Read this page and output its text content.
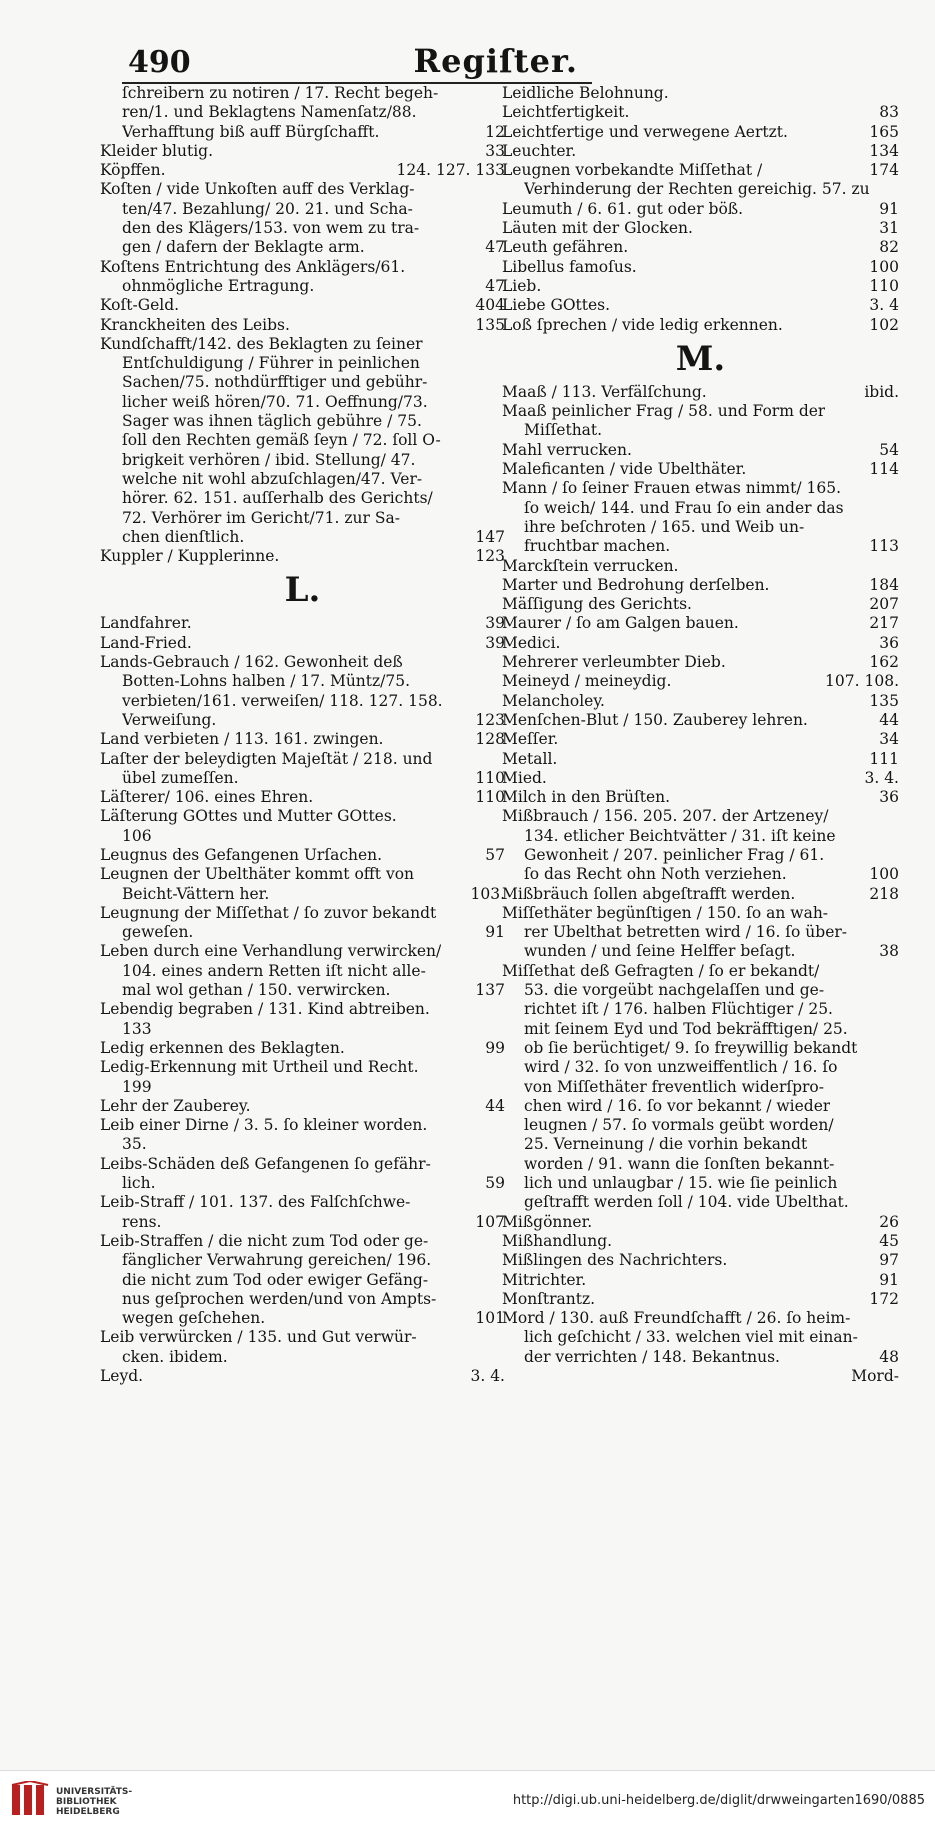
490	Regiſter.
ſchreibern zu notiren / 17. Recht begeh-
ren/1. und Beklagtens Namenſatz/88.
Verhafftung biß auff Bürgſchafft.	12
Kleider blutig.	33
Köpffen.	124. 127. 133
Koſten / vide Unkoſten auff des Verklag-
ten/47. Bezahlung/ 20. 21. und Scha-
den des Klägers/153. von wem zu tra-
gen / dafern der Beklagte arm.	47
Koſtens Entrichtung des Anklägers/61.
ohnmögliche Ertragung.	47
Koſt-Geld.	404
Kranckheiten des Leibs.	135
Kundſchafft/142. des Beklagten zu ſeiner
Entſchuldigung / Führer in peinlichen
Sachen/75. nothdürfftiger und gebühr-
licher weiß hören/70. 71. Oeffnung/73.
Sager was ihnen täglich gebühre / 75.
ſoll den Rechten gemäß ſeyn / 72. ſoll O-
brigkeit verhören / ibid. Stellung/ 47.
welche nit wohl abzuſchlagen/47. Ver-
hörer. 62. 151. auſſerhalb des Gerichts/
72. Verhörer im Gericht/71. zur Sa-
chen dienſtlich.	147
Kuppler / Kupplerinne.	123
L.
Landfahrer.	39
Land-Fried.	39
Lands-Gebrauch / 162. Gewonheit deß
Botten-Lohns halben / 17. Müntz/75.
verbieten/161. verweiſen/ 118. 127. 158.
Verweiſung.	123
Land verbieten / 113. 161. zwingen.	128
Laſter der beleydigten Majeſtät / 218. und
übel zumeſſen.	110
Läſterer/ 106. eines Ehren.	110
Läſterung GOttes und Mutter GOttes.
106
Leugnus des Gefangenen Urſachen.	57
Leugnen der Ubelthäter kommt offt von
Beicht-Vättern her.	103.
Leugnung der Miſſethat / ſo zuvor bekandt
geweſen.	91
Leben durch eine Verhandlung verwircken/
104. eines andern Retten iſt nicht alle-
mal wol gethan / 150. verwircken.	137
Lebendig begraben / 131. Kind abtreiben.
133
Ledig erkennen des Beklagten.	99
Ledig-Erkennung mit Urtheil und Recht.
199
Lehr der Zauberey.	44
Leib einer Dirne / 3. 5. ſo kleiner worden.
35.
Leibs-Schäden deß Gefangenen ſo gefähr-
lich.	59
Leib-Straff / 101. 137. des Falſchſchwe-
rens.	107
Leib-Straffen / die nicht zum Tod oder ge-
fänglicher Verwahrung gereichen/ 196.
die nicht zum Tod oder ewiger Gefäng-
nus geſprochen werden/und von Ampts-
wegen geſchehen.	101
Leib verwürcken / 135. und Gut verwür-
cken. ibidem.
Leyd.	3. 4.
Leidliche Belohnung.
Leichtfertigkeit.	83
Leichtfertige und verwegene Aertzt.	165
Leuchter.	134
Leugnen vorbekandte Miſſethat /	174
Verhinderung der Rechten gereichig. 57. zu
Leumuth / 6. 61. gut oder böß.	91
Läuten mit der Glocken.	31
Leuth gefähren.	82
Libellus famoſus.	100
Lieb.	110
Liebe GOttes.	3. 4
Loß ſprechen / vide ledig erkennen.	102
M.
Maaß / 113. Verfälſchung.	ibid.
Maaß peinlicher Frag / 58. und Form der
Miſſethat.
Mahl verrucken.	54
Maleficanten / vide Ubelthäter.	114
Mann / ſo ſeiner Frauen etwas nimmt/ 165.
ſo weich/ 144. und Frau ſo ein ander das
ihre beſchroten / 165. und Weib un-
fruchtbar machen.	113
Marckſtein verrucken.
Marter und Bedrohung derſelben.	184
Mäſſigung des Gerichts.	207
Maurer / ſo am Galgen bauen.	217
Medici.	36
Mehrerer verleumbter Dieb.	162
Meineyd / meineydig.	107. 108.
Melancholey.	135
Menſchen-Blut / 150. Zauberey lehren.	44
Meſſer.	34
Metall.	111
Mied.	3. 4.
Milch in den Brüſten.	36
Mißbrauch / 156. 205. 207. der Artzeney/
134. etlicher Beichtvätter / 31. iſt keine
Gewonheit / 207. peinlicher Frag / 61.
ſo das Recht ohn Noth verziehen.	100
Mißbräuch ſollen abgeſtrafft werden.	218
Miſſethäter begünſtigen / 150. ſo an wah-
rer Ubelthat betretten wird / 16. ſo über-
wunden / und ſeine Helffer beſagt.	38
Miſſethat deß Gefragten / ſo er bekandt/
53. die vorgeübt nachgelaſſen und ge-
richtet iſt / 176. halben Flüchtiger / 25.
mit ſeinem Eyd und Tod bekräfftigen/ 25.
ob ſie berüchtiget/ 9. ſo freywillig bekandt
wird / 32. ſo von unzweiffentlich / 16. ſo
von Miſſethäter freventlich widerſpro-
chen wird / 16. ſo vor bekannt / wieder
leugnen / 57. ſo vormals geübt worden/
25. Verneinung / die vorhin bekandt
worden / 91. wann die ſonſten bekannt-
lich und unlaugbar / 15. wie ſie peinlich
geſtrafft werden ſoll / 104. vide Ubelthat.
Mißgönner.	26
Mißhandlung.	45
Mißlingen des Nachrichters.	97
Mitrichter.	91
Monſtrantz.	172
Mord / 130. auß Freundſchafft / 26. ſo heim-
lich geſchicht / 33. welchen viel mit einan-
der verrichten / 148. Bekantnus.	48
Mord-
UNIVERSITÄTS-
BIBLIOTHEK
HEIDELBERG
http://digi.ub.uni-heidelberg.de/diglit/drwweingarten1690/0885
